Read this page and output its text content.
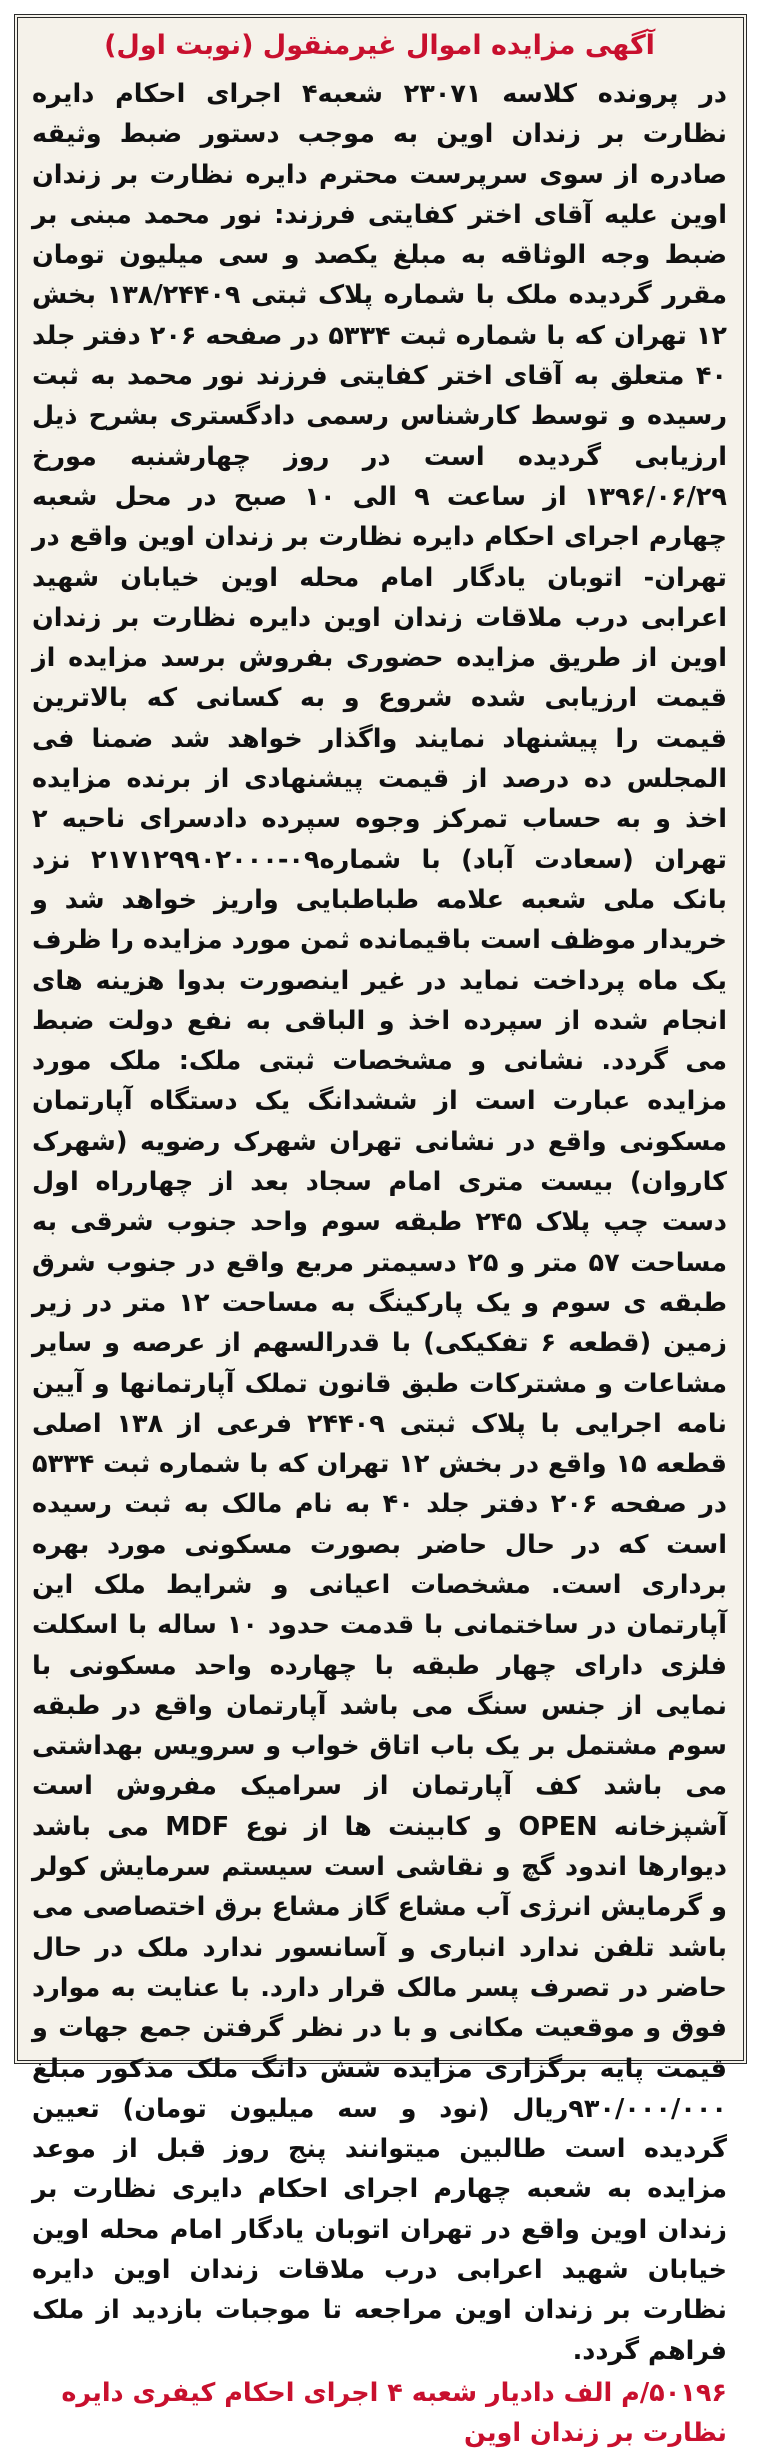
آگهی مزایده اموال غیرمنقول (نوبت اول)

در پرونده کلاسه ۲۳۰۷۱ شعبه۴ اجرای احکام دایره نظارت بر زندان اوین به موجب دستور ضبط وثیقه صادره از سوی سرپرست محترم دایره نظارت بر زندان اوین علیه آقای اختر کفایتی فرزند: نور محمد مبنی بر ضبط وجه الوثاقه به مبلغ یکصد و سی میلیون تومان مقرر گردیده ملک با شماره پلاک ثبتی ۱۳۸/۲۴۴۰۹ بخش ۱۲ تهران که با شماره ثبت ۵۳۳۴ در صفحه ۲۰۶ دفتر جلد ۴۰ متعلق به آقای اختر کفایتی فرزند نور محمد به ثبت رسیده و توسط کارشناس رسمی دادگستری بشرح ذیل ارزیابی گردیده است در روز چهارشنبه مورخ ۱۳۹۶/۰۶/۲۹ از ساعت ۹ الی ۱۰ صبح در محل شعبه چهارم اجرای احکام دایره نظارت بر زندان اوین واقع در تهران- اتوبان یادگار امام محله اوین خیابان شهید اعرابی درب ملاقات زندان اوین دایره نظارت بر زندان اوین از طریق مزایده حضوری بفروش برسد مزایده از قیمت ارزیابی شده شروع و به کسانی که بالاترین قیمت را پیشنهاد نمایند واگذار خواهد شد ضمنا فی المجلس ده درصد از قیمت پیشنهادی از برنده مزایده اخذ و به حساب تمرکز وجوه سپرده دادسرای ناحیه ۲ تهران (سعادت آباد) با شماره۰۹-۲۱۷۱۲۹۹۰۲۰۰۰ نزد بانک ملی شعبه علامه طباطبایی واریز خواهد شد و خریدار موظف است باقیمانده ثمن مورد مزایده را ظرف یک ماه پرداخت نماید در غیر اینصورت بدوا هزینه های انجام شده از سپرده اخذ و الباقی به نفع دولت ضبط می گردد. نشانی و مشخصات ثبتی ملک: ملک مورد مزایده عبارت است از ششدانگ یک دستگاه آپارتمان مسکونی واقع در نشانی تهران شهرک رضویه (شهرک کاروان) بیست متری امام سجاد بعد از چهارراه اول دست چپ پلاک ۲۴۵ طبقه سوم واحد جنوب شرقی به مساحت ۵۷ متر و ۲۵ دسیمتر مربع واقع در جنوب شرق طبقه ی سوم و یک پارکینگ به مساحت ۱۲ متر در زیر زمین (قطعه ۶ تفکیکی) با قدرالسهم از عرصه و سایر مشاعات و مشترکات طبق قانون تملک آپارتمانها و آیین نامه اجرایی با پلاک ثبتی ۲۴۴۰۹ فرعی از ۱۳۸ اصلی قطعه ۱۵ واقع در بخش ۱۲ تهران که با شماره ثبت ۵۳۳۴ در صفحه ۲۰۶ دفتر جلد ۴۰ به نام مالک به ثبت رسیده است که در حال حاضر بصورت مسکونی مورد بهره برداری است. مشخصات اعیانی و شرایط ملک این آپارتمان در ساختمانی با قدمت حدود ۱۰ ساله با اسکلت فلزی دارای چهار طبقه با چهارده واحد مسکونی با نمایی از جنس سنگ می باشد آپارتمان واقع در طبقه سوم مشتمل بر یک باب اتاق خواب و سرویس بهداشتی می باشد کف آپارتمان از سرامیک مفروش است آشپزخانه OPEN و کابینت ها از نوع MDF می باشد دیوارها اندود گچ و نقاشی است سیستم سرمایش کولر و گرمایش انرژی آب مشاع گاز مشاع برق اختصاصی می باشد تلفن ندارد انباری و آسانسور ندارد ملک در حال حاضر در تصرف پسر مالک قرار دارد. با عنایت به موارد فوق و موقعیت مکانی و با در نظر گرفتن جمع جهات و قیمت پایه برگزاری مزایده شش دانگ ملک مذکور مبلغ ۹۳۰/۰۰۰/۰۰۰ریال (نود و سه میلیون تومان) تعیین گردیده است طالبین میتوانند پنج روز قبل از موعد مزایده به شعبه چهارم اجرای احکام دایری نظارت بر زندان اوین واقع در تهران اتوبان یادگار امام محله اوین خیابان شهید اعرابی درب ملاقات زندان اوین دایره نظارت بر زندان اوین مراجعه تا موجبات بازدید از ملک فراهم گردد.

۵۰۱۹۶/م الف دادیار شعبه ۴ اجرای احکام کیفری دایره نظارت بر زندان اوین
